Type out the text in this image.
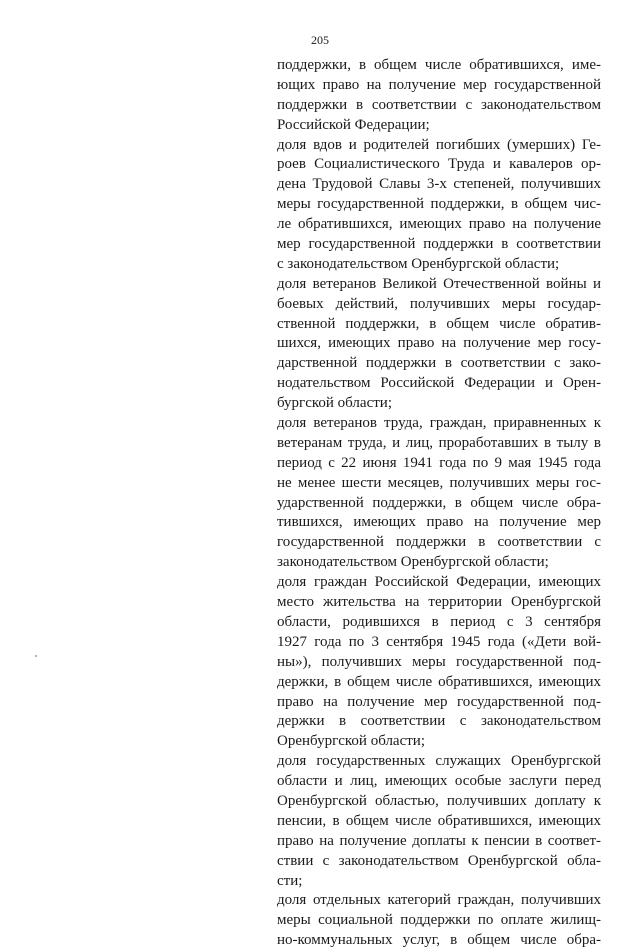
205
поддержки, в общем числе обратившихся, име-
ющих право на получение мер государственной
поддержки в соответствии с законодательством
Российской Федерации;
доля вдов и родителей погибших (умерших) Ге-
роев Социалистического Труда и кавалеров ор-
дена Трудовой Славы 3-х степеней, получивших
меры государственной поддержки, в общем чис-
ле обратившихся, имеющих право на получение
мер государственной поддержки в соответствии
с законодательством Оренбургской области;
доля ветеранов Великой Отечественной войны и
боевых действий, получивших меры государ-
ственной поддержки, в общем числе обратив-
шихся, имеющих право на получение мер госу-
дарственной поддержки в соответствии с зако-
нодательством Российской Федерации и Орен-
бургской области;
доля ветеранов труда, граждан, приравненных к
ветеранам труда, и лиц, проработавших в тылу в
период с 22 июня 1941 года по 9 мая 1945 года
не менее шести месяцев, получивших меры гос-
ударственной поддержки, в общем числе обра-
тившихся, имеющих право на получение мер
государственной поддержки в соответствии с
законодательством Оренбургской области;
доля граждан Российской Федерации, имеющих
место жительства на территории Оренбургской
области, родившихся в период с 3 сентября
1927 года по 3 сентября 1945 года («Дети вой-
ны»), получивших меры государственной под-
держки, в общем числе обратившихся, имеющих
право на получение мер государственной под-
держки в соответствии с законодательством
Оренбургской области;
доля государственных служащих Оренбургской
области и лиц, имеющих особые заслуги перед
Оренбургской областью, получивших доплату к
пенсии, в общем числе обратившихся, имеющих
право на получение доплаты к пенсии в соответ-
ствии с законодательством Оренбургской обла-
сти;
доля отдельных категорий граждан, получивших
меры социальной поддержки по оплате жилищ-
но-коммунальных услуг, в общем числе обра-
